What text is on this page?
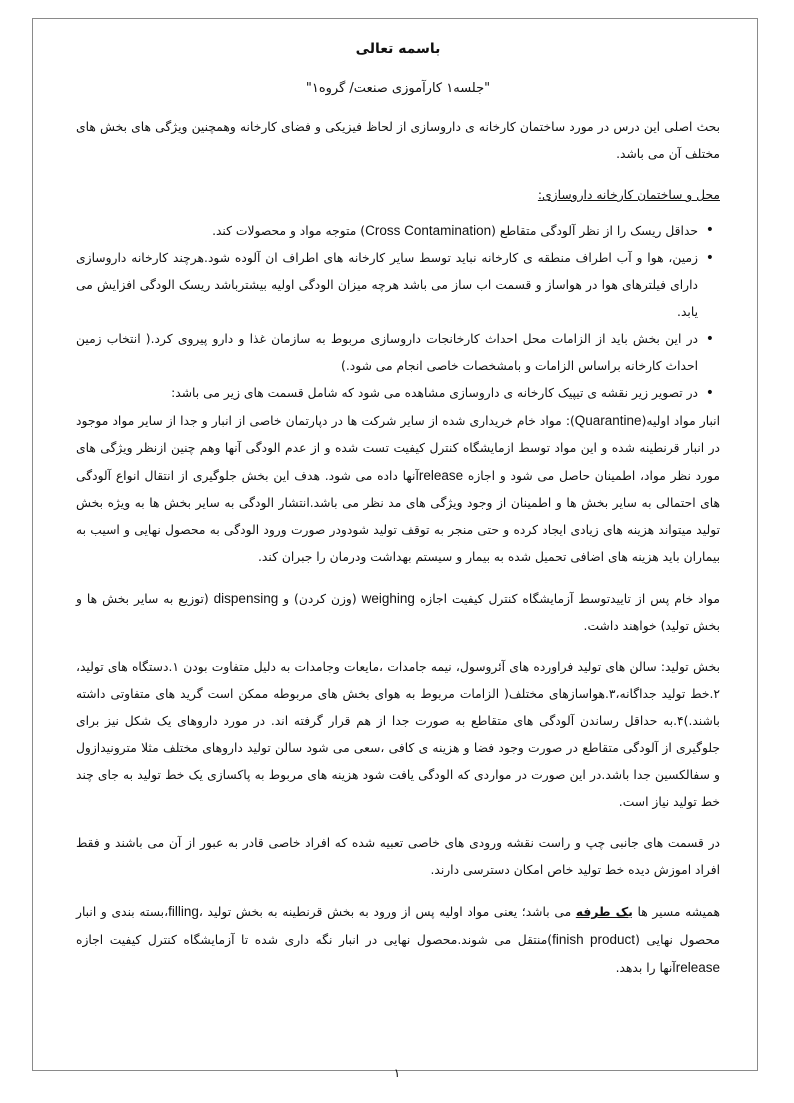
باسمه تعالی

"جلسه۱ کارآموزی صنعت/ گروه۱"

بحث اصلی این درس در مورد ساختمان کارخانه ی داروسازی از لحاظ فیزیکی و فضای کارخانه وهمچنین ویژگی های بخش های مختلف آن می باشد.

محل و ساختمان کارخانه داروسازی:

• حداقل ریسک را از نظر آلودگی متقاطع (Cross Contamination) متوجه مواد و محصولات کند.
• زمین، هوا و آب اطراف منطقه ی کارخانه نباید توسط سایر کارخانه های اطراف ان آلوده شود.هرچند کارخانه داروسازی دارای فیلترهای هوا در هواساز و قسمت اب ساز می باشد هرچه میزان الودگی اولیه بیشترباشد ریسک الودگی افزایش می یابد.
• در این بخش باید از الزامات محل احداث کارخانجات داروسازی مربوط به سازمان غذا و دارو پیروی کرد.( انتخاب زمین احداث کارخانه براساس الزامات و بامشخصات خاصی انجام می شود.)
• در تصویر زیر نقشه ی تیپیک کارخانه ی داروسازی مشاهده می شود که شامل قسمت های زیر می باشد:

انبار مواد اولیه(Quarantine): مواد خام خریداری شده از سایر شرکت ها در دپارتمان خاصی از انبار و جدا از سایر مواد موجود در انبار قرنطینه شده و این مواد توسط ازمایشگاه کنترل کیفیت تست شده و از عدم الودگی آنها وهم چنین ازنظر ویژگی های مورد نظر مواد، اطمینان حاصل می شود و اجازه releaseآنها داده می شود. هدف این بخش جلوگیری از انتقال انواع آلودگی های احتمالی به سایر بخش ها و اطمینان از وجود ویژگی های مد نظر می باشد.انتشار الودگی به سایر بخش ها به ویژه بخش تولید میتواند هزینه های زیادی ایجاد کرده و حتی منجر به توقف تولید شودودر صورت ورود الودگی به محصول نهایی و اسیب به بیماران باید هزینه های اضافی تحمیل شده به بیمار و سیستم بهداشت ودرمان را جبران کند.

مواد خام پس از تاییدتوسط آزمایشگاه کنترل کیفیت اجازه weighing (وزن کردن) و dispensing (توزیع به سایر بخش ها و بخش تولید) خواهند داشت.

بخش تولید: سالن های تولید فراورده های آئروسول، نیمه جامدات ،مایعات وجامدات به دلیل متفاوت بودن ۱.دستگاه های تولید، ۲.خط تولید جداگانه،۳.هواسازهای مختلف( الزامات مربوط به هوای بخش های مربوطه ممکن است گرید های متفاوتی داشته باشند.)۴.به حداقل رساندن آلودگی های متقاطع به صورت جدا از هم قرار گرفته اند. در مورد داروهای یک شکل نیز برای جلوگیری از آلودگی متقاطع در صورت وجود فضا و هزینه ی کافی ،سعی می شود سالن تولید داروهای مختلف مثلا مترونیدازول و سفالکسین جدا باشد.در این صورت در مواردی که الودگی یافت شود هزینه های مربوط به پاکسازی یک خط تولید به جای چند خط تولید نیاز است.

در قسمت های جانبی چپ و راست نقشه ورودی های خاصی تعبیه شده که افراد خاصی قادر به عبور از آن می باشند و فقط افراد اموزش دیده خط تولید خاص امکان دسترسی دارند.

همیشه مسیر ها یک طرفه می باشد؛ یعنی مواد اولیه پس از ورود به بخش قرنطینه به بخش تولید ،filling،بسته بندی و انبار محصول نهایی (finish product)منتقل می شوند.محصول نهایی در انبار نگه داری شده تا آزمایشگاه کنترل کیفیت اجازه releaseآنها را بدهد.

۱
